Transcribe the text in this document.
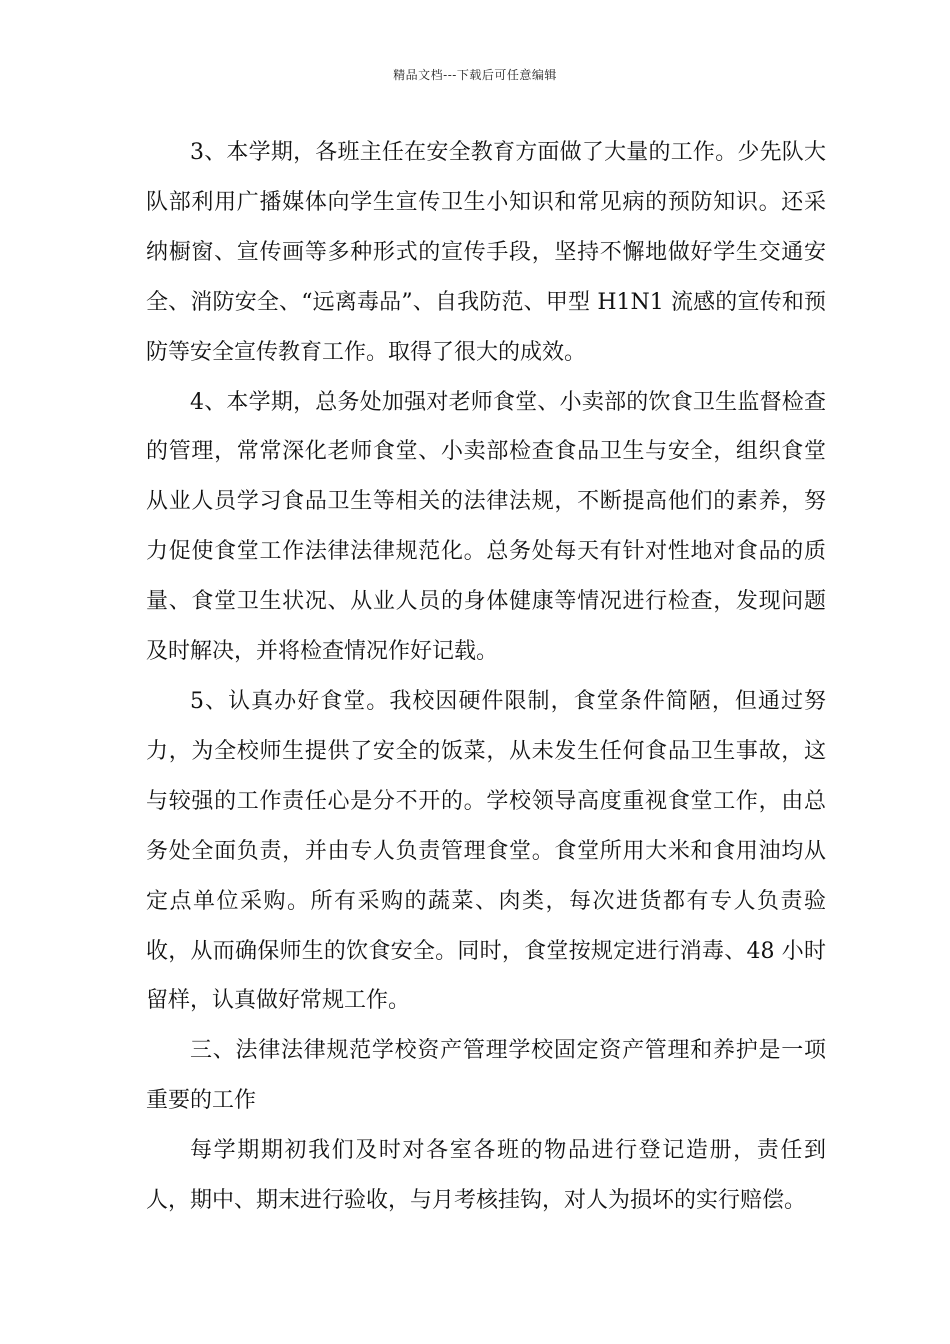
精品文档---下载后可任意编辑

3、本学期，各班主任在安全教育方面做了大量的工作。少先队大队部利用广播媒体向学生宣传卫生小知识和常见病的预防知识。还采纳橱窗、宣传画等多种形式的宣传手段，坚持不懈地做好学生交通安全、消防安全、“远离毒品”、自我防范、甲型 H1N1 流感的宣传和预防等安全宣传教育工作。取得了很大的成效。

4、本学期，总务处加强对老师食堂、小卖部的饮食卫生监督检查的管理，常常深化老师食堂、小卖部检查食品卫生与安全，组织食堂从业人员学习食品卫生等相关的法律法规，不断提高他们的素养，努力促使食堂工作法律法律规范化。总务处每天有针对性地对食品的质量、食堂卫生状况、从业人员的身体健康等情况进行检查，发现问题及时解决，并将检查情况作好记载。

5、认真办好食堂。我校因硬件限制，食堂条件简陋，但通过努力，为全校师生提供了安全的饭菜，从未发生任何食品卫生事故，这与较强的工作责任心是分不开的。学校领导高度重视食堂工作，由总务处全面负责，并由专人负责管理食堂。食堂所用大米和食用油均从定点单位采购。所有采购的蔬菜、肉类，每次进货都有专人负责验收，从而确保师生的饮食安全。同时，食堂按规定进行消毒、48 小时留样，认真做好常规工作。

三、法律法律规范学校资产管理学校固定资产管理和养护是一项重要的工作

每学期期初我们及时对各室各班的物品进行登记造册，责任到人，期中、期末进行验收，与月考核挂钩，对人为损坏的实行赔偿。
